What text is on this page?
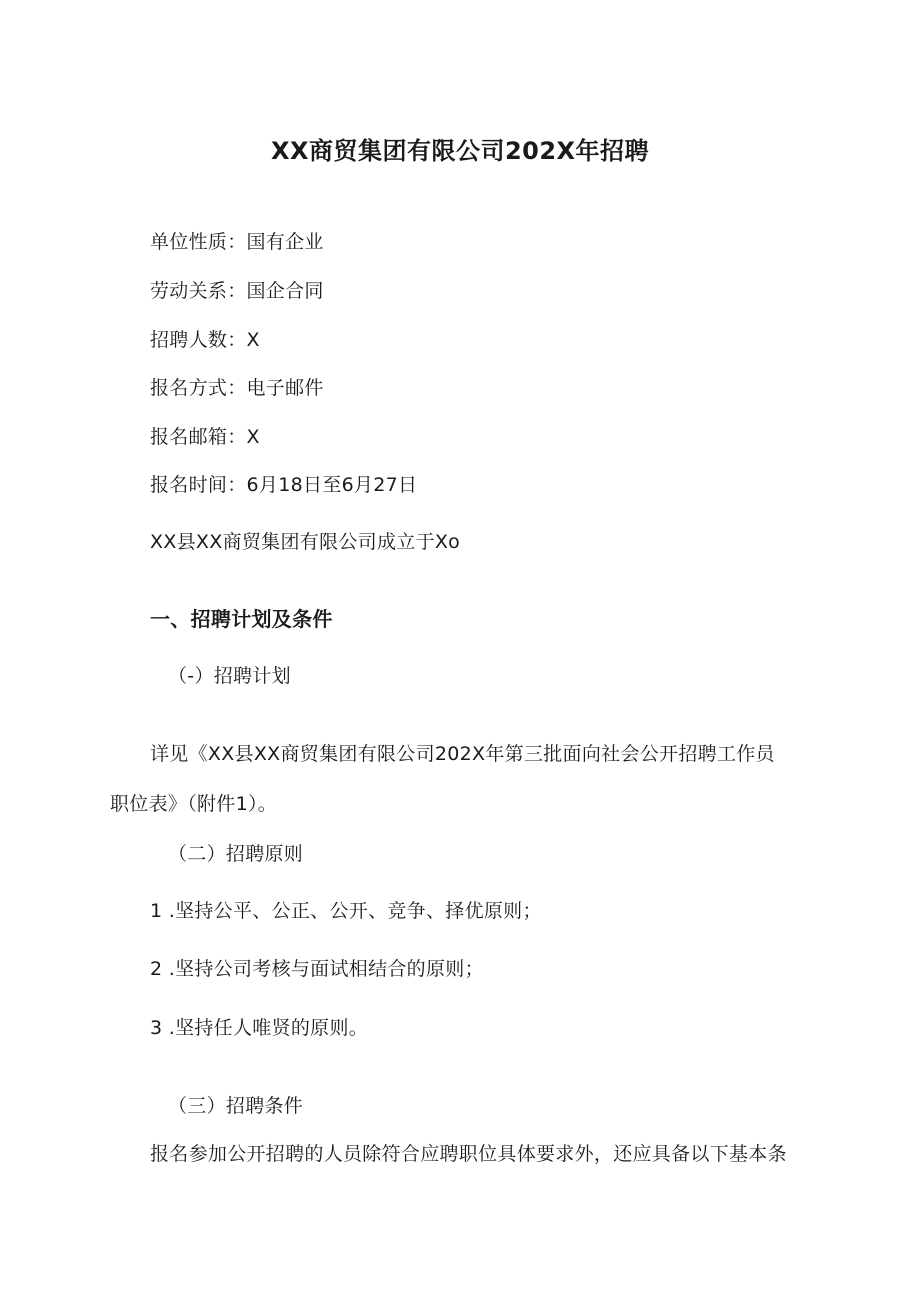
XX商贸集团有限公司202X年招聘
单位性质：国有企业
劳动关系：国企合同
招聘人数：X
报名方式：电子邮件
报名邮箱：X
报名时间：6月18日至6月27日
XX县XX商贸集团有限公司成立于Xo
一、招聘计划及条件
（-）招聘计划
详见《XX县XX商贸集团有限公司202X年第三批面向社会公开招聘工作员
职位表》（附件1）。
（二）招聘原则
1 .坚持公平、公正、公开、竞争、择优原则；
2 .坚持公司考核与面试相结合的原则；
3 .坚持任人唯贤的原则。
（三）招聘条件
报名参加公开招聘的人员除符合应聘职位具体要求外，还应具备以下基本条
